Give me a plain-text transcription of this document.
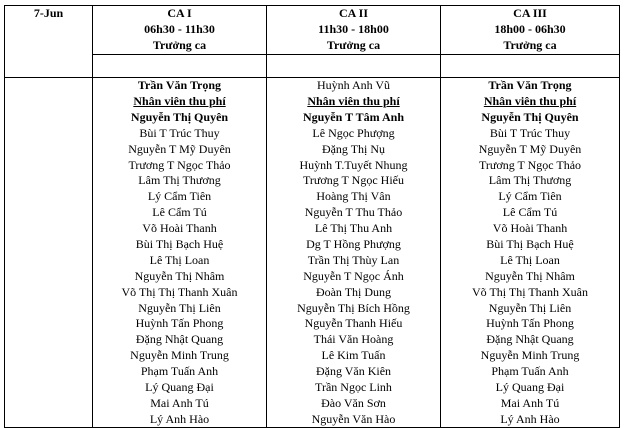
7-Jun	CA I	CA II	CA III
	06h30 - 11h30	11h30 - 18h00	18h00 - 06h30
	Trưởng ca	Trưởng ca	Trưởng ca

	Trần Văn Trọng	Huỳnh Anh Vũ	Trần Văn Trọng
	Nhân viên thu phí	Nhân viên thu phí	Nhân viên thu phí
	Nguyễn Thị Quyên	Nguyễn T Tâm Anh	Nguyễn Thị Quyên
	Bùi T Trúc Thuy	Lê Ngọc Phượng	Bùi T Trúc Thuy
	Nguyễn T Mỹ Duyên	Đặng Thị Nụ	Nguyễn T Mỹ Duyên
	Trương T Ngọc Thảo	Huỳnh T.Tuyết Nhung	Trương T Ngọc Thảo
	Lâm Thị Thương	Trương T Ngọc Hiếu	Lâm Thị Thương
	Lý Cẩm Tiên	Hoàng Thị Vân	Lý Cẩm Tiên
	Lê Cẩm Tú	Nguyễn T Thu Thảo	Lê Cẩm Tú
	Võ Hoài Thanh	Lê Thị Thu Anh	Võ Hoài Thanh
	Bùi Thị Bạch Huệ	Dg T Hồng Phượng	Bùi Thị Bạch Huệ
	Lê Thị Loan	Trần Thị Thùy Lan	Lê Thị Loan
	Nguyễn Thị Nhâm	Nguyễn T Ngọc Ánh	Nguyễn Thị Nhâm
	Võ Thị Thị Thanh Xuân	Đoàn Thị Dung	Võ Thị Thị Thanh Xuân
	Nguyễn Thị Liên	Nguyễn Thị Bích Hồng	Nguyễn Thị Liên
	Huỳnh Tấn Phong	Nguyễn Thanh Hiếu	Huỳnh Tấn Phong
	Đặng Nhật Quang	Thái Văn Hoàng	Đặng Nhật Quang
	Nguyễn Minh Trung	Lê Kim Tuấn	Nguyễn Minh Trung
	Phạm Tuấn Anh	Đặng Văn Kiên	Phạm Tuấn Anh
	Lý Quang Đại	Trần Ngọc Linh	Lý Quang Đại
	Mai Anh Tú	Đào Văn Sơn	Mai Anh Tú
	Lý Anh Hào	Nguyễn Văn Hào	Lý Anh Hào
